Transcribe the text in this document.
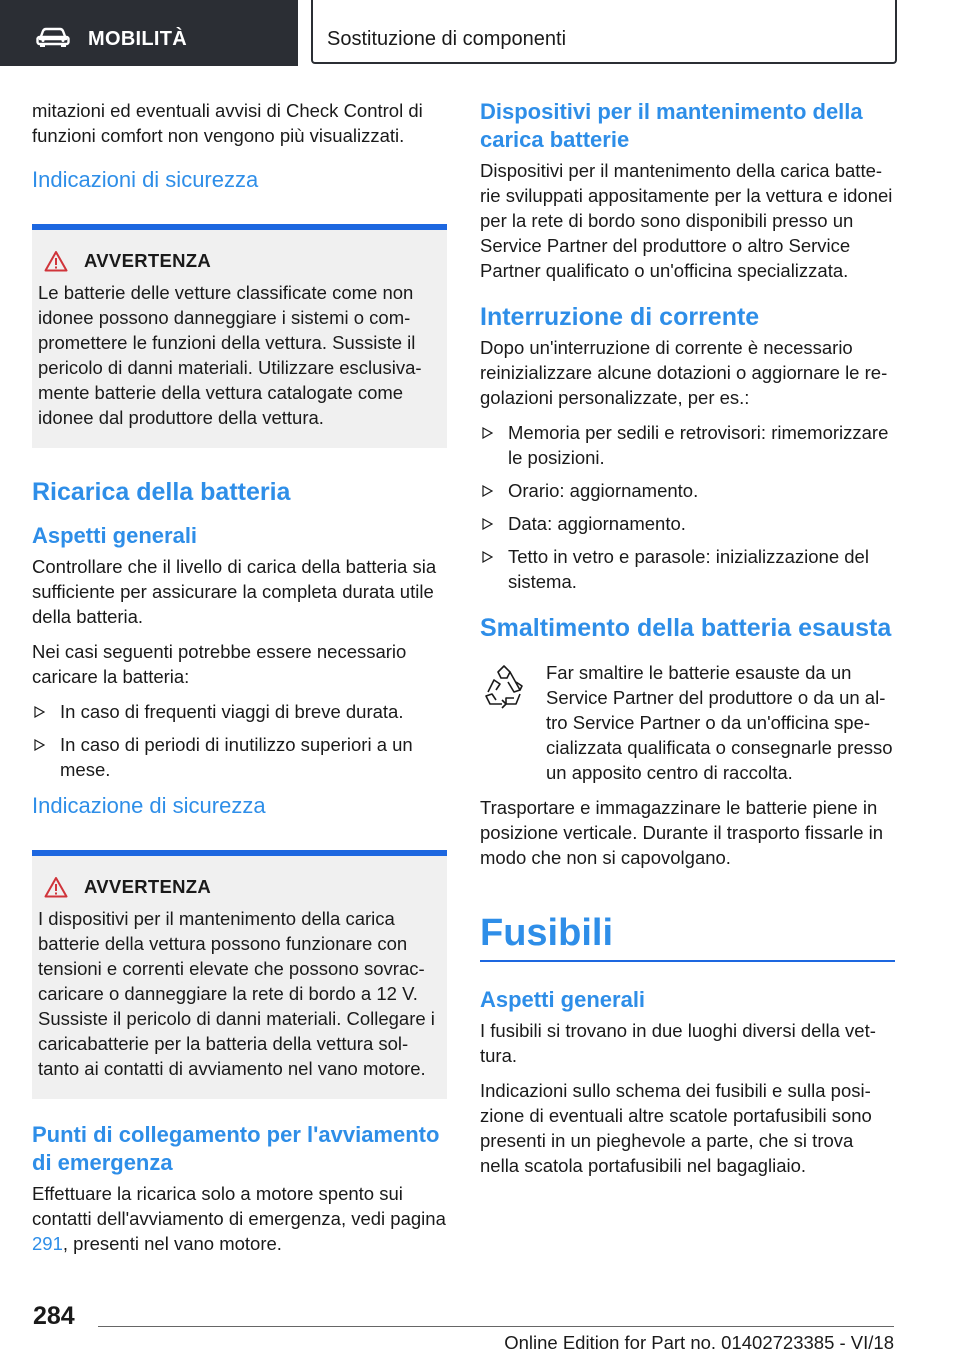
MOBILITÀ	Sostituzione di componenti

mitazioni ed eventuali avvisi di Check Control di funzioni comfort non vengono più visualizzati.

Indicazioni di sicurezza
AVVERTENZA

Le batterie delle vetture classificate come non idonee possono danneggiare i sistemi o compromettere le funzioni della vettura. Sussiste il pericolo di danni materiali. Utilizzare esclusivamente batterie della vettura catalogate come idonee dal produttore della vettura.

Ricarica della batteria
Aspetti generali

Controllare che il livello di carica della batteria sia sufficiente per assicurare la completa durata utile della batteria.

Nei casi seguenti potrebbe essere necessario caricare la batteria:

In caso di frequenti viaggi di breve durata.
In caso di periodi di inutilizzo superiori a un mese.
Indicazione di sicurezza
AVVERTENZA

I dispositivi per il mantenimento della carica batterie della vettura possono funzionare con tensioni e correnti elevate che possono sovraccaricare o danneggiare la rete di bordo a 12 V. Sussiste il pericolo di danni materiali. Collegare i caricabatterie per la batteria della vettura soltanto ai contatti di avviamento nel vano motore.

Punti di collegamento per l'avviamento di emergenza

Effettuare la ricarica solo a motore spento sui contatti dell'avviamento di emergenza, vedi pagina 291, presenti nel vano motore.

Dispositivi per il mantenimento della carica batterie

Dispositivi per il mantenimento della carica batterie sviluppati appositamente per la vettura e idonei per la rete di bordo sono disponibili presso un Service Partner del produttore o altro Service Partner qualificato o un'officina specializzata.

Interruzione di corrente

Dopo un'interruzione di corrente è necessario reinizializzare alcune dotazioni o aggiornare le regolazioni personalizzate, per es.:

Memoria per sedili e retrovisori: rimemorizzare le posizioni.
Orario: aggiornamento.
Data: aggiornamento.
Tetto in vetro e parasole: inizializzazione del sistema.
Smaltimento della batteria esausta

Far smaltire le batterie esauste da un Service Partner del produttore o da un altro Service Partner o da un'officina specializzata qualificata o consegnarle presso un apposito centro di raccolta.

Trasportare e immagazzinare le batterie piene in posizione verticale. Durante il trasporto fissarle in modo che non si capovolgano.

Fusibili
Aspetti generali

I fusibili si trovano in due luoghi diversi della vettura.

Indicazioni sullo schema dei fusibili e sulla posizione di eventuali altre scatole portafusibili sono presenti in un pieghevole a parte, che si trova nella scatola portafusibili nel bagagliaio.

284
Online Edition for Part no. 01402723385 - VI/18
